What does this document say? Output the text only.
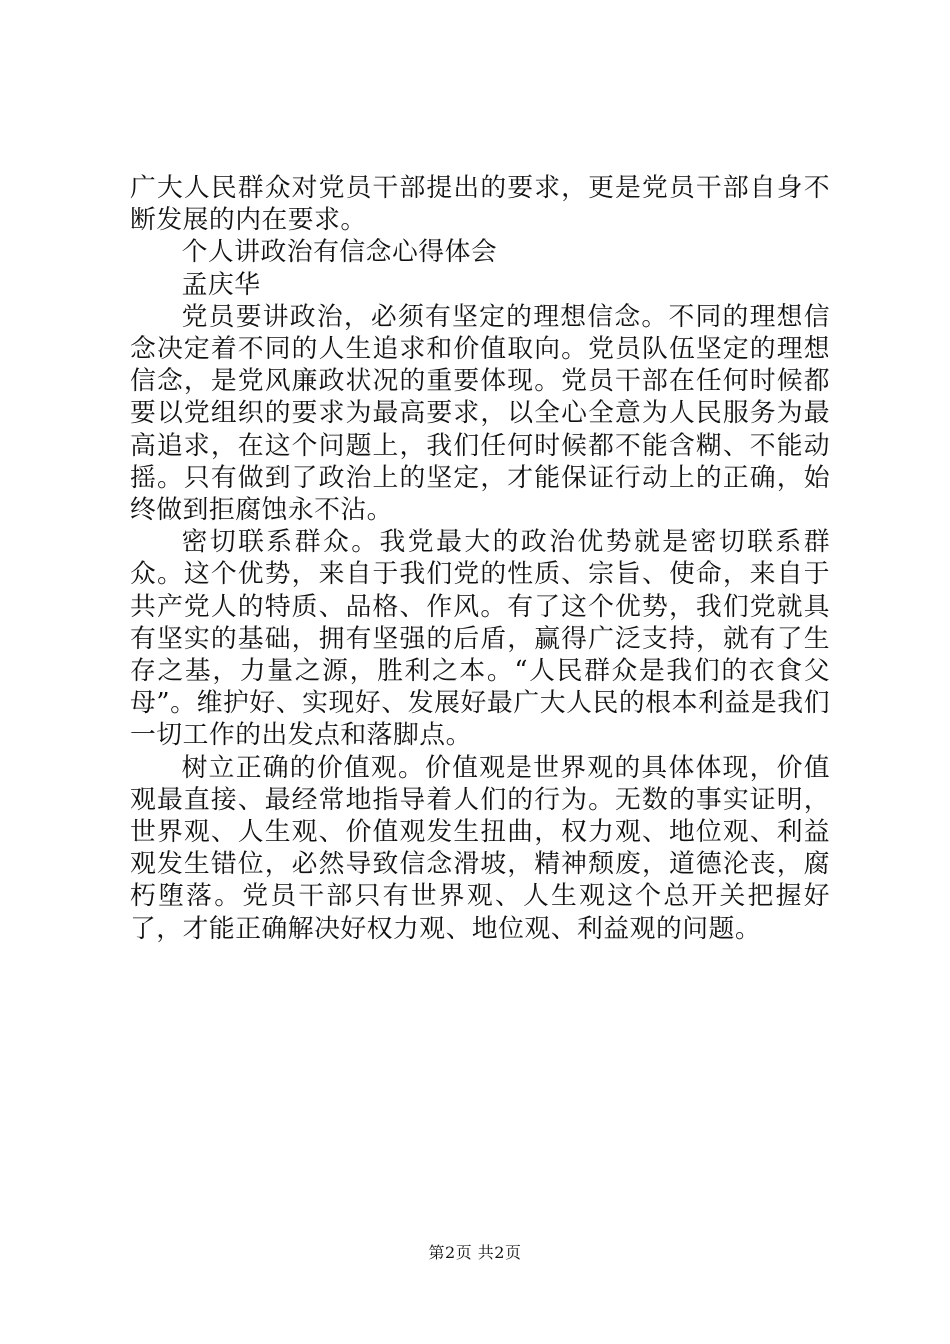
广大人民群众对党员干部提出的要求，更是党员干部自身不断发展的内在要求。

个人讲政治有信念心得体会

孟庆华

党员要讲政治，必须有坚定的理想信念。不同的理想信念决定着不同的人生追求和价值取向。党员队伍坚定的理想信念，是党风廉政状况的重要体现。党员干部在任何时候都要以党组织的要求为最高要求，以全心全意为人民服务为最高追求，在这个问题上，我们任何时候都不能含糊、不能动摇。只有做到了政治上的坚定，才能保证行动上的正确，始终做到拒腐蚀永不沾。

密切联系群众。我党最大的政治优势就是密切联系群众。这个优势，来自于我们党的性质、宗旨、使命，来自于共产党人的特质、品格、作风。有了这个优势，我们党就具有坚实的基础，拥有坚强的后盾，赢得广泛支持，就有了生存之基，力量之源，胜利之本。“人民群众是我们的衣食父母”。维护好、实现好、发展好最广大人民的根本利益是我们一切工作的出发点和落脚点。

树立正确的价值观。价值观是世界观的具体体现，价值观最直接、最经常地指导着人们的行为。无数的事实证明，世界观、人生观、价值观发生扭曲，权力观、地位观、利益观发生错位，必然导致信念滑坡，精神颓废，道德沦丧，腐朽堕落。党员干部只有世界观、人生观这个总开关把握好了，才能正确解决好权力观、地位观、利益观的问题。

第2页 共2页
